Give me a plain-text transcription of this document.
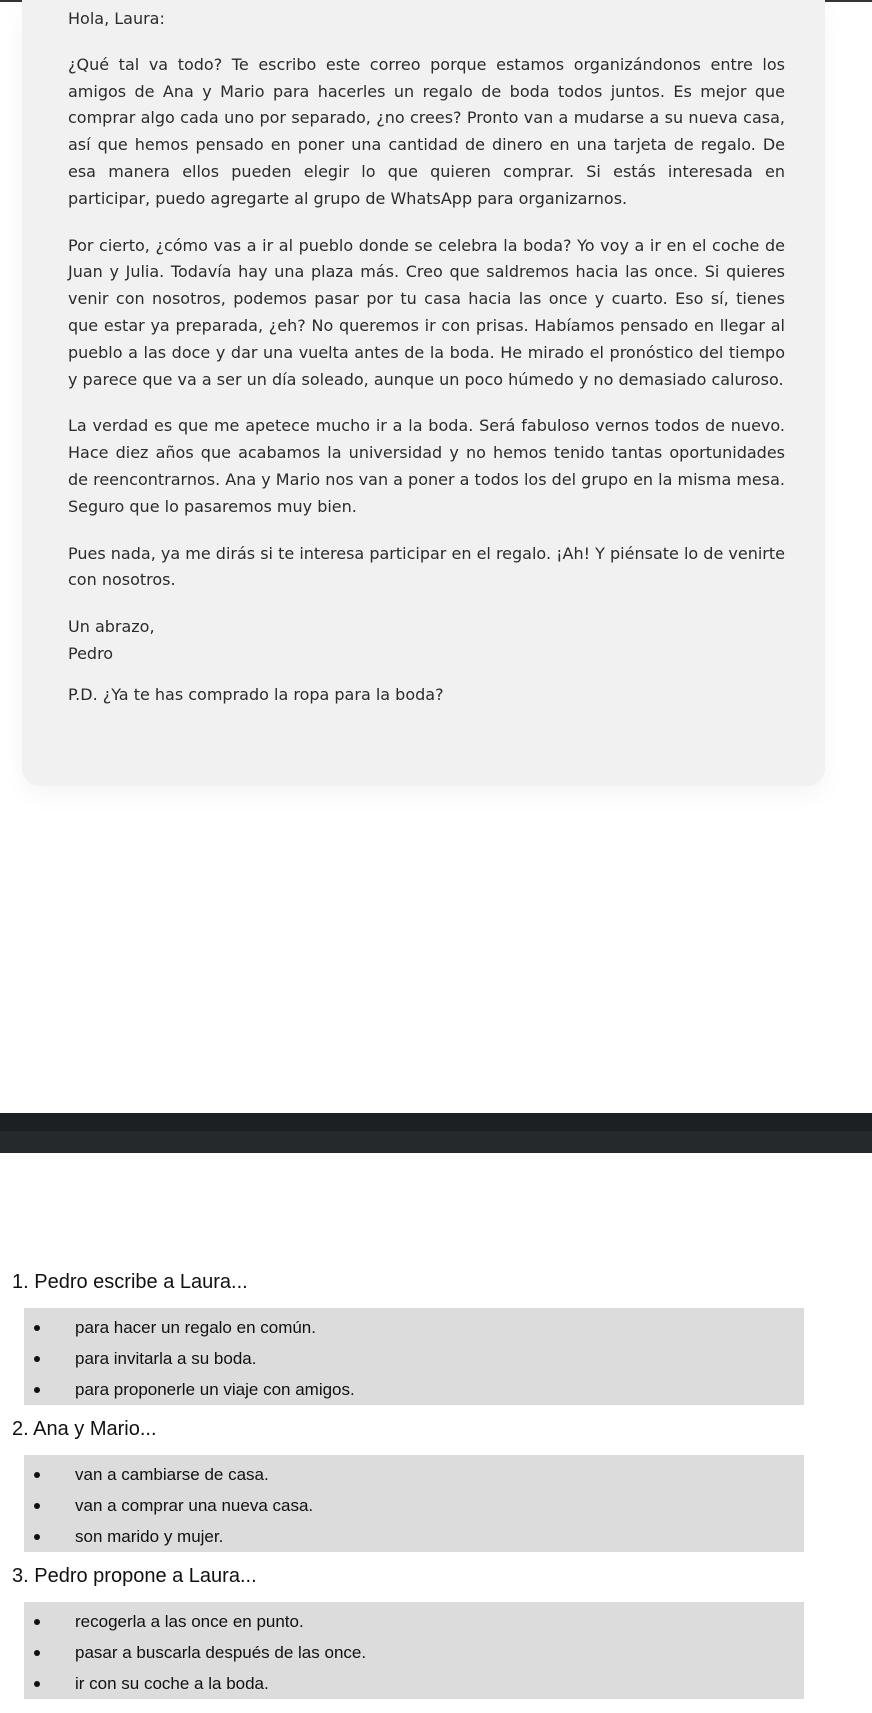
Hola, Laura:

¿Qué tal va todo? Te escribo este correo porque estamos organizándonos entre los amigos de Ana y Mario para hacerles un regalo de boda todos juntos. Es mejor que comprar algo cada uno por separado, ¿no crees? Pronto van a mudarse a su nueva casa, así que hemos pensado en poner una cantidad de dinero en una tarjeta de regalo. De esa manera ellos pueden elegir lo que quieren comprar. Si estás interesada en participar, puedo agregarte al grupo de WhatsApp para organizarnos.

Por cierto, ¿cómo vas a ir al pueblo donde se celebra la boda? Yo voy a ir en el coche de Juan y Julia. Todavía hay una plaza más. Creo que saldremos hacia las once. Si quieres venir con nosotros, podemos pasar por tu casa hacia las once y cuarto. Eso sí, tienes que estar ya preparada, ¿eh? No queremos ir con prisas. Habíamos pensado en llegar al pueblo a las doce y dar una vuelta antes de la boda. He mirado el pronóstico del tiempo y parece que va a ser un día soleado, aunque un poco húmedo y no demasiado caluroso.

La verdad es que me apetece mucho ir a la boda. Será fabuloso vernos todos de nuevo. Hace diez años que acabamos la universidad y no hemos tenido tantas oportunidades de reencontrarnos. Ana y Mario nos van a poner a todos los del grupo en la misma mesa. Seguro que lo pasaremos muy bien.

Pues nada, ya me dirás si te interesa participar en el regalo. ¡Ah! Y piénsate lo de venirte con nosotros.

Un abrazo,
Pedro

P.D. ¿Ya te has comprado la ropa para la boda?

1. Pedro escribe a Laura...
para hacer un regalo en común.
para invitarla a su boda.
para proponerle un viaje con amigos.
2. Ana y Mario...
van a cambiarse de casa.
van a comprar una nueva casa.
son marido y mujer.
3. Pedro propone a Laura...
recogerla a las once en punto.
pasar a buscarla después de las once.
ir con su coche a la boda.
